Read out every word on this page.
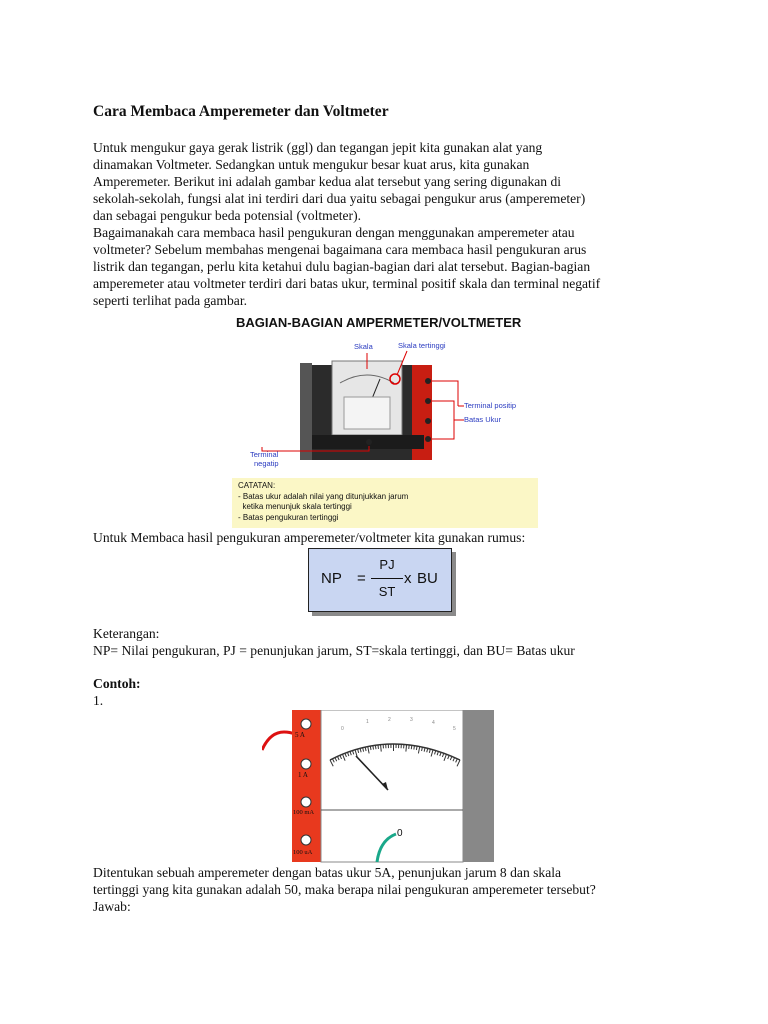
Cara Membaca Amperemeter dan Voltmeter

Untuk mengukur gaya gerak listrik (ggl) dan tegangan jepit kita gunakan alat yang
dinamakan Voltmeter. Sedangkan untuk mengukur besar kuat arus, kita gunakan
Amperemeter. Berikut ini adalah gambar kedua alat tersebut yang sering digunakan di
sekolah-sekolah, fungsi alat ini terdiri dari dua yaitu sebagai pengukur arus (amperemeter)
dan sebagai pengukur beda potensial (voltmeter).
Bagaimanakah cara membaca hasil pengukuran dengan menggunakan amperemeter atau
voltmeter? Sebelum membahas mengenai bagaimana cara membaca hasil pengukuran arus
listrik dan tegangan, perlu kita ketahui dulu bagian-bagian dari alat tersebut. Bagian-bagian
amperemeter atau voltmeter terdiri dari batas ukur, terminal positif skala dan terminal negatif
seperti terlihat pada gambar.

BAGIAN-BAGIAN AMPERMETER/VOLTMETER
Skala	Skala tertinggi
Terminal positip
Batas Ukur
Terminal
negatip
CATATAN:
- Batas ukur adalah nilai yang ditunjukkan jarum
ketika menunjuk skala tertinggi
- Batas pengukuran tertinggi

Untuk Membaca hasil pengukuran amperemeter/voltmeter kita gunakan rumus:

NP =
PJ
ST
x BU

Keterangan:
NP= Nilai pengukuran, PJ = penunjukan jarum, ST=skala tertinggi, dan BU= Batas ukur

Contoh:

1.

5 A
1 A
100 mA
100 uA
0
0
1	2	3	4
5

Ditentukan sebuah amperemeter dengan batas ukur 5A, penunjukan jarum 8 dan skala
tertinggi yang kita gunakan adalah 50, maka berapa nilai pengukuran amperemeter tersebut?
Jawab:
